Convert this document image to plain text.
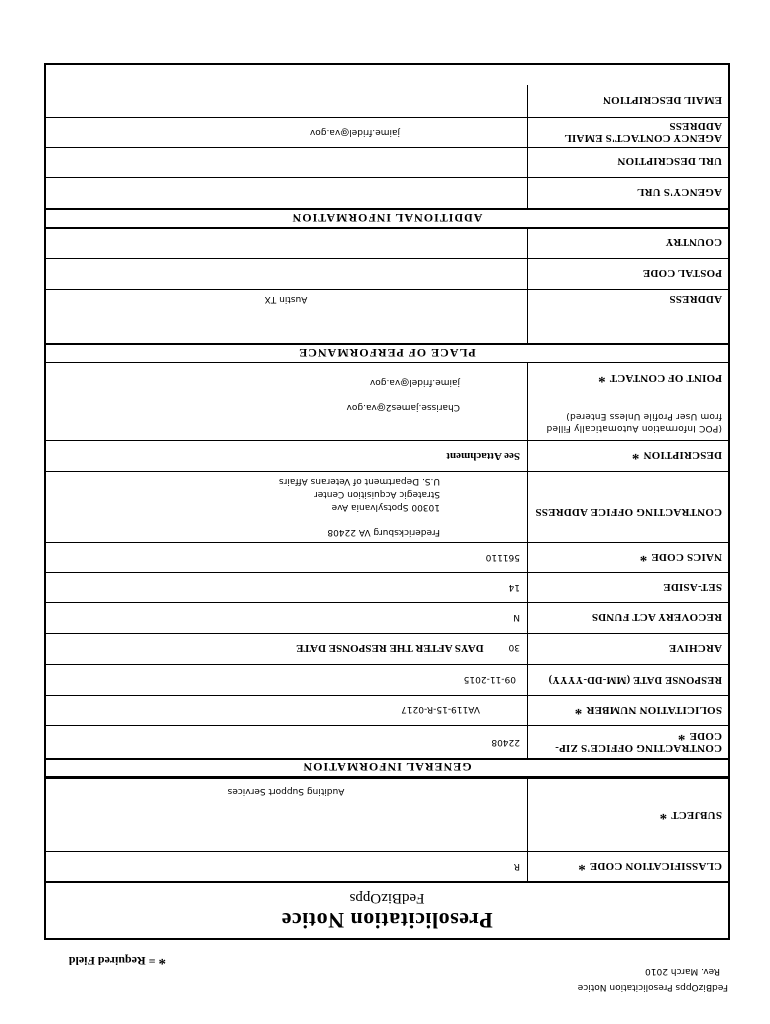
Presolicitation Notice
FedBizOpps
CLASSIFICATION CODE*
R
SUBJECT*
Auditing Support Services
GENERAL INFORMATION
CONTRACTING OFFICE'S ZIP-CODE*
22408
SOLICITATION NUMBER*
VA119-15-R-0217
RESPONSE DATE (MM-DD-YYYY)
09-11-2015
ARCHIVE
30 DAYS AFTER THE RESPONSE DATE
RECOVERY ACT FUNDS
N
SET-ASIDE
14
NAICS CODE*
561110
CONTRACTING OFFICE ADDRESS
Fredericksburg VA 22408
10300 Spotsylvania Ave
Strategic Acquisition Center
U.S. Department of Veterans Affairs
DESCRIPTION*
See Attachment
(POC Information Automatically Filled from User Profile Unless Entered)
POINT OF CONTACT*
Charisse.james2@va.gov
jaime.fridel@va.gov
PLACE OF PERFORMANCE
ADDRESS
Austin TX
POSTAL CODE
COUNTRY
ADDITIONAL INFORMATION
AGENCY'S URL
URL DESCRIPTION
AGENCY CONTACT'S EMAIL ADDRESS
jaime.fridel@va.gov
EMAIL DESCRIPTION
FedBizOpps Presolicitation Notice
Rev. March 2010
* = Required Field
